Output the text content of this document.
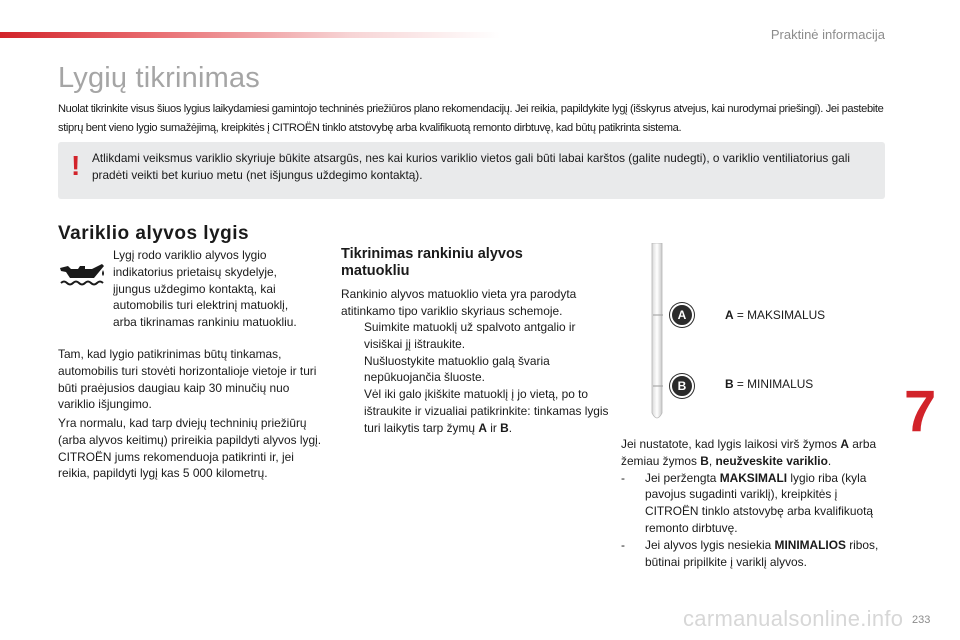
Praktinė informacija
Lygių tikrinimas

Nuolat tikrinkite visus šiuos lygius laikydamiesi gamintojo techninės priežiūros plano rekomendacijų. Jei reikia, papildykite lygį (išskyrus atvejus, kai nurodymai priešingi). Jei pastebite stiprų bent vieno lygio sumažėjimą, kreipkitės į CITROËN tinklo atstovybę arba kvalifikuotą remonto dirbtuvę, kad būtų patikrinta sistema.

! Atlikdami veiksmus variklio skyriuje būkite atsargūs, nes kai kurios variklio vietos gali būti labai karštos (galite nudegti), o variklio ventiliatorius gali pradėti veikti bet kuriuo metu (net išjungus uždegimo kontaktą).

Variklio alyvos lygis

Lygį rodo variklio alyvos lygio indikatorius prietaisų skydelyje, įjungus uždegimo kontaktą, kai automobilis turi elektrinį matuoklį, arba tikrinamas rankiniu matuokliu.

Tam, kad lygio patikrinimas būtų tinkamas, automobilis turi stovėti horizontalioje vietoje ir turi būti praėjusios daugiau kaip 30 minučių nuo variklio išjungimo.

Yra normalu, kad tarp dviejų techninių priežiūrų (arba alyvos keitimų) prireikia papildyti alyvos lygį. CITROËN jums rekomenduoja patikrinti ir, jei reikia, papildyti lygį kas 5 000 kilometrų.

Tikrinimas rankiniu alyvos matuokliu

Rankinio alyvos matuoklio vieta yra parodyta atitinkamo tipo variklio skyriaus schemoje.

Suimkite matuoklį už spalvoto antgalio ir visiškai jį ištraukite.
Nušluostykite matuoklio galą švaria nepūkuojančia šluoste.
Vėl iki galo įkiškite matuoklį į jo vietą, po to ištraukite ir vizualiai patikrinkite: tinkamas lygis turi laikytis tarp žymų A ir B.
A
B
A = MAKSIMALUS
B = MINIMALUS

Jei nustatote, kad lygis laikosi virš žymos A arba žemiau žymos B, neužveskite variklio.

- Jei peržengta MAKSIMALI lygio riba (kyla pavojus sugadinti variklį), kreipkitės į CITROËN tinklo atstovybę arba kvalifikuotą remonto dirbtuvę.
- Jei alyvos lygis nesiekia MINIMALIOS ribos, būtinai pripilkite į variklį alyvos.
7
233
carmanualsonline.info
